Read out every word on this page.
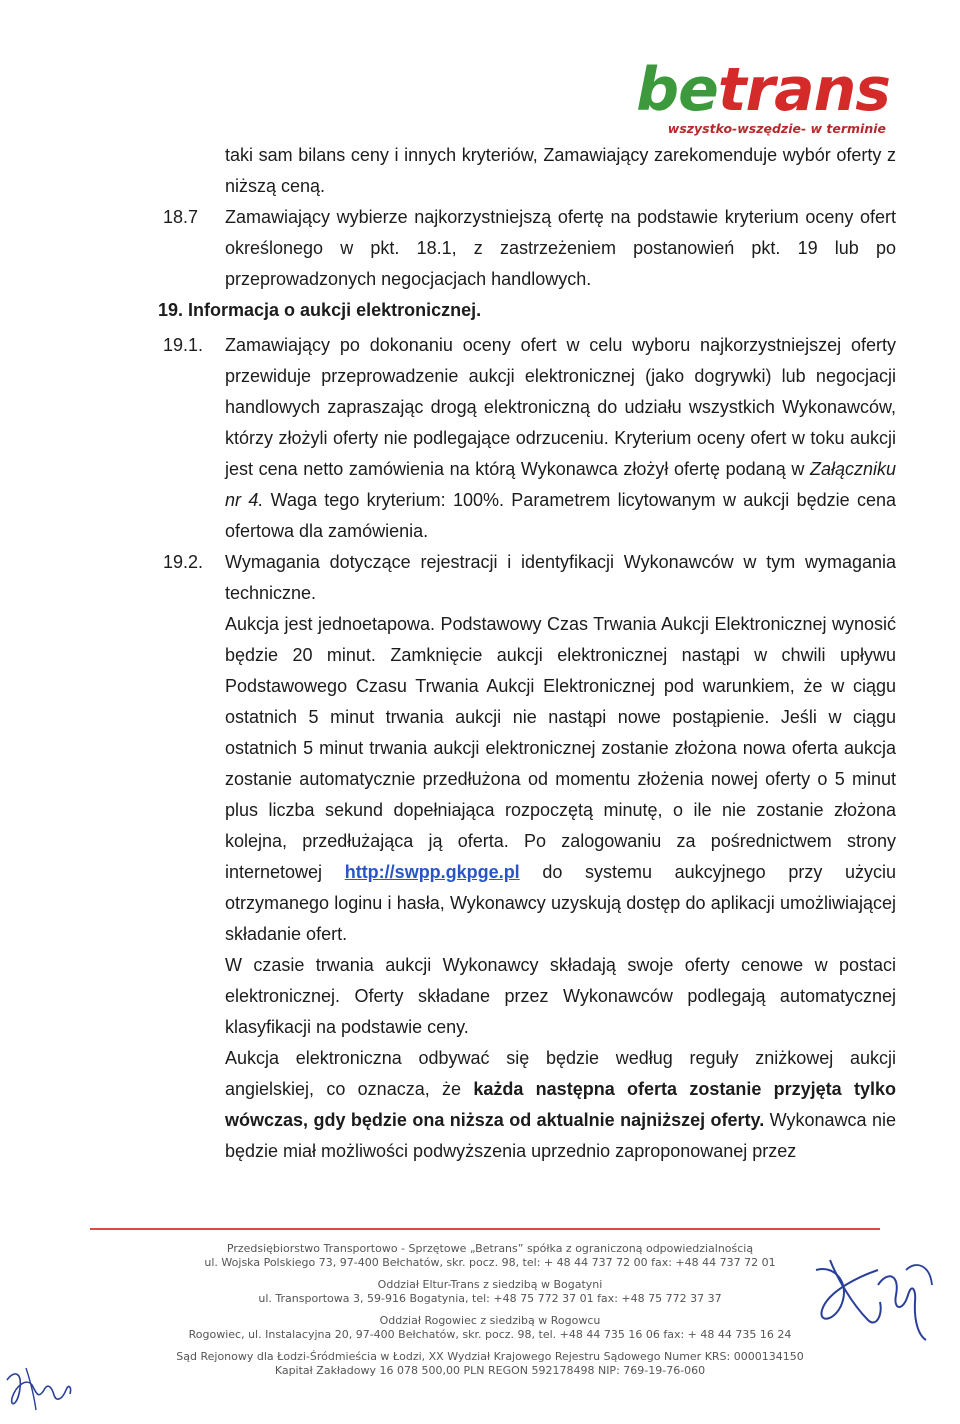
betrans
wszystko-wszędzie- w terminie

taki sam bilans ceny i innych kryteriów, Zamawiający zarekomenduje wybór oferty z niższą ceną.

18.7 Zamawiający wybierze najkorzystniejszą ofertę na podstawie kryterium oceny ofert określonego w pkt. 18.1, z zastrzeżeniem postanowień pkt. 19 lub po przeprowadzonych negocjacjach handlowych.
19. Informacja o aukcji elektronicznej.
19.1. Zamawiający po dokonaniu oceny ofert w celu wyboru najkorzystniejszej oferty przewiduje przeprowadzenie aukcji elektronicznej (jako dogrywki) lub negocjacji handlowych zapraszając drogą elektroniczną do udziału wszystkich Wykonawców, którzy złożyli oferty nie podlegające odrzuceniu. Kryterium oceny ofert w toku aukcji jest cena netto zamówienia na którą Wykonawca złożył ofertę podaną w Załączniku nr 4. Waga tego kryterium: 100%. Parametrem licytowanym w aukcji będzie cena ofertowa dla zamówienia.
19.2. Wymagania dotyczące rejestracji i identyfikacji Wykonawców w tym wymagania techniczne.
Aukcja jest jednoetapowa. Podstawowy Czas Trwania Aukcji Elektronicznej wynosić będzie 20 minut. Zamknięcie aukcji elektronicznej nastąpi w chwili upływu Podstawowego Czasu Trwania Aukcji Elektronicznej pod warunkiem, że w ciągu ostatnich 5 minut trwania aukcji nie nastąpi nowe postąpienie. Jeśli w ciągu ostatnich 5 minut trwania aukcji elektronicznej zostanie złożona nowa oferta aukcja zostanie automatycznie przedłużona od momentu złożenia nowej oferty o 5 minut plus liczba sekund dopełniająca rozpoczętą minutę, o ile nie zostanie złożona kolejna, przedłużająca ją oferta. Po zalogowaniu za pośrednictwem strony internetowej http://swpp.gkpge.pl do systemu aukcyjnego przy użyciu otrzymanego loginu i hasła, Wykonawcy uzyskują dostęp do aplikacji umożliwiającej składanie ofert.
W czasie trwania aukcji Wykonawcy składają swoje oferty cenowe w postaci elektronicznej. Oferty składane przez Wykonawców podlegają automatycznej klasyfikacji na podstawie ceny.
Aukcja elektroniczna odbywać się będzie według reguły zniżkowej aukcji angielskiej, co oznacza, że każda następna oferta zostanie przyjęta tylko wówczas, gdy będzie ona niższa od aktualnie najniższej oferty. Wykonawca nie będzie miał możliwości podwyższenia uprzednio zaproponowanej przez
Przedsiębiorstwo Transportowo - Sprzętowe „Betrans” spółka z ograniczoną odpowiedzialnością
ul. Wojska Polskiego 73, 97-400 Bełchatów, skr. pocz. 98, tel: + 48 44 737 72 00 fax: +48 44 737 72 01
Oddział Eltur-Trans z siedzibą w Bogatyni
ul. Transportowa 3, 59-916 Bogatynia, tel: +48 75 772 37 01 fax: +48 75 772 37 37
Oddział Rogowiec z siedzibą w Rogowcu
Rogowiec, ul. Instalacyjna 20, 97-400 Bełchatów, skr. pocz. 98, tel. +48 44 735 16 06 fax: + 48 44 735 16 24
Sąd Rejonowy dla Łodzi-Śródmieścia w Łodzi, XX Wydział Krajowego Rejestru Sądowego Numer KRS: 0000134150
Kapitał Zakładowy 16 078 500,00 PLN REGON 592178498 NIP: 769-19-76-060
